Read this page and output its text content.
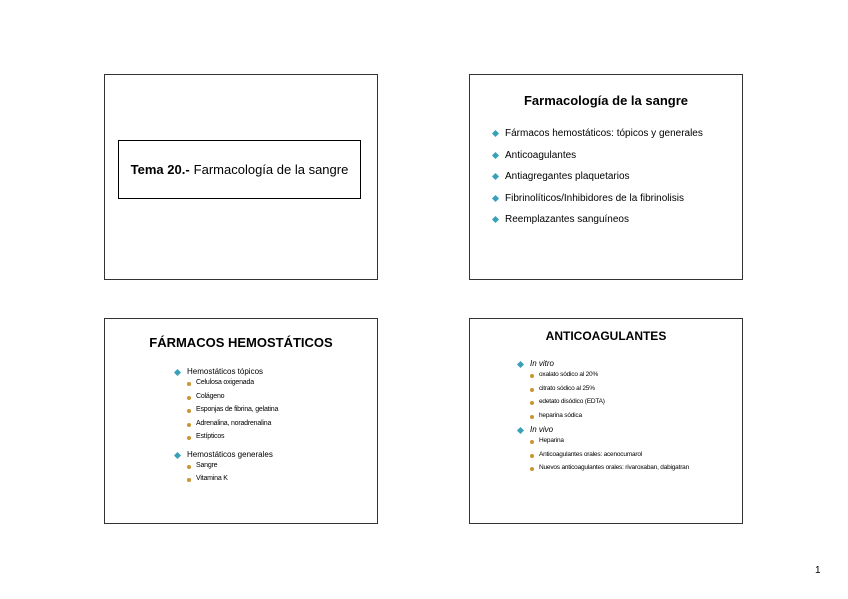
Tema 20.- Farmacología de la sangre
Farmacología de la sangre
Fármacos hemostáticos: tópicos y generales
Anticoagulantes
Antiagregantes plaquetarios
Fibrinolíticos/Inhibidores de la fibrinolisis
Reemplazantes sanguíneos
FÁRMACOS HEMOSTÁTICOS
Hemostáticos tópicos
Celulosa oxigenada
Colágeno
Esponjas de fibrina, gelatina
Adrenalina, noradrenalina
Estípticos
Hemostáticos generales
Sangre
Vitamina K
ANTICOAGULANTES
In vitro
oxalato sódico al 20%
citrato sódico al 25%
edetato disódico (EDTA)
heparina sódica
In vivo
Heparina
Anticoagulantes orales: acenocumarol
Nuevos anticoagulantes orales: rivaroxaban, dabigatran
1
